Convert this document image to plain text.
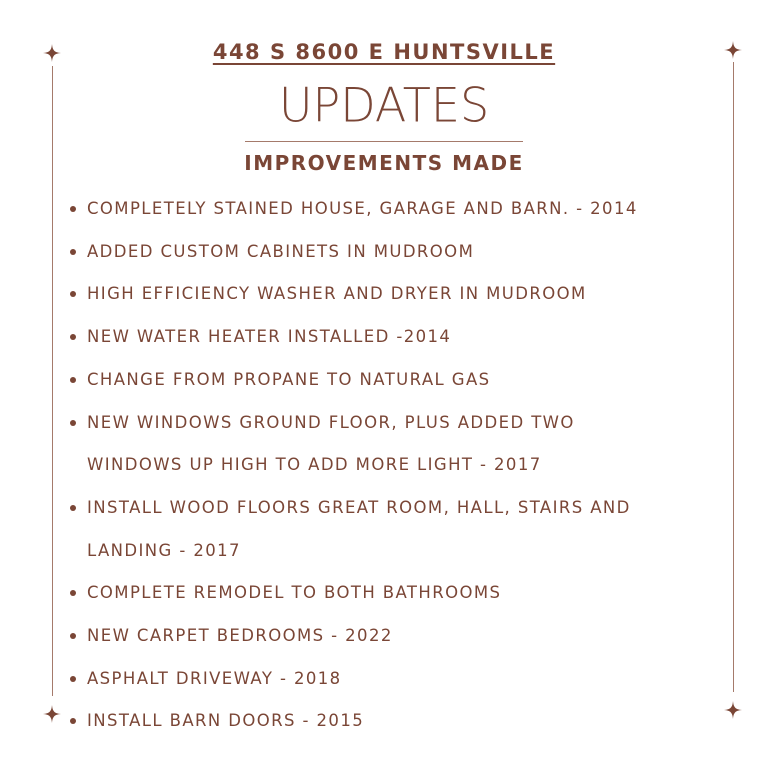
448 S 8600 E HUNTSVILLE
UPDATES
IMPROVEMENTS MADE
COMPLETELY STAINED HOUSE, GARAGE AND BARN. - 2014
ADDED CUSTOM CABINETS IN MUDROOM
HIGH EFFICIENCY WASHER AND DRYER IN MUDROOM
NEW WATER HEATER INSTALLED -2014
CHANGE FROM PROPANE TO NATURAL GAS
NEW WINDOWS GROUND FLOOR, PLUS ADDED TWO
WINDOWS UP HIGH TO ADD MORE LIGHT - 2017
INSTALL WOOD FLOORS GREAT ROOM, HALL, STAIRS AND
LANDING - 2017
COMPLETE REMODEL TO BOTH BATHROOMS
NEW CARPET BEDROOMS - 2022
ASPHALT DRIVEWAY - 2018
INSTALL BARN DOORS - 2015
